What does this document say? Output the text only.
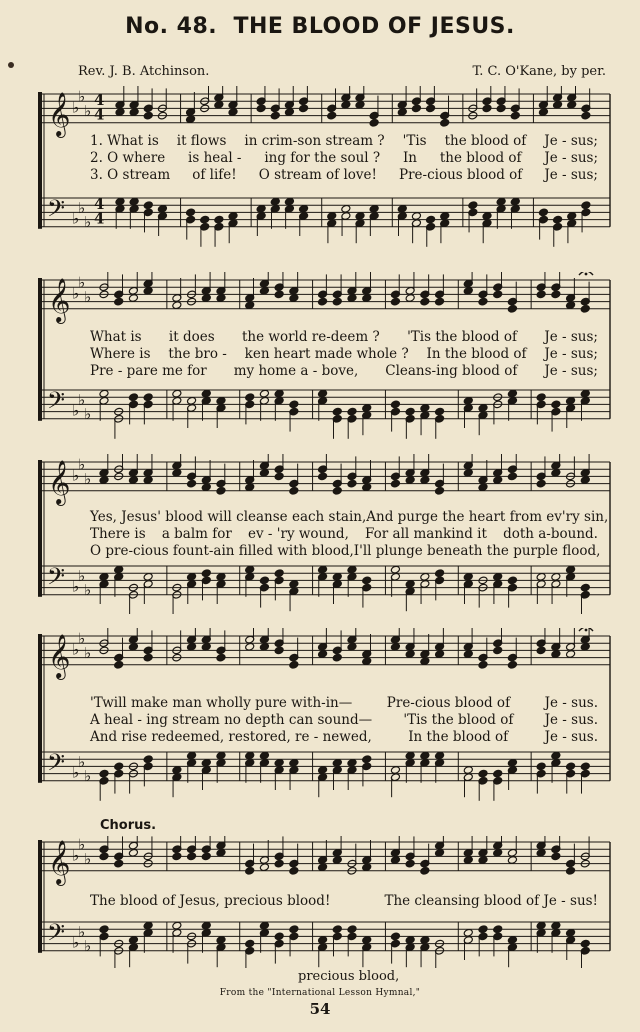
No. 48. THE BLOOD OF JESUS.
Rev. J. B. Atchinson.	T. C. O'Kane, by per.
𝄞
𝄢
♭
♭
♭
♭
♭
♭
4
4
4
4
1. What is it flows in crim-son stream ? 'Tis the blood of Je - sus;
2. O where is heal - ing for the soul ? In the blood of Je - sus;
3. O stream of life! O stream of love! Pre-cious blood of Je - sus;
𝄞
𝄢
♭
♭
♭
♭
♭
♭
What is it does the world re-deem ? 'Tis the blood of Je - sus;
Where is the bro - ken heart made whole ? In the blood of Je - sus;
Pre - pare me for my home a - bove, Cleans-ing blood of Je - sus;
𝄞
𝄢
♭
♭
♭
♭
♭
♭
Yes, Jesus' blood will cleanse each stain, And purge the heart from ev'ry sin,
There is a balm for ev - 'ry wound, For all mankind it doth a-bound.
O pre-cious fount-ain filled with blood, I'll plunge beneath the purple flood,
𝄞
𝄢
♭
♭
♭
♭
♭
♭
'Twill make man wholly pure with-in—	Pre-cious blood of	Je - sus.
A heal - ing stream no depth can sound— 'Tis the blood of Je - sus.
And rise redeemed, restored, re - newed,	In the blood of	Je - sus.
Chorus.
𝄞
𝄢
♭
♭
♭
♭
♭
♭
The blood of Jesus, precious blood!	The cleansing blood of Je - sus!
precious blood,
From the "International Lesson Hymnal,"
54
